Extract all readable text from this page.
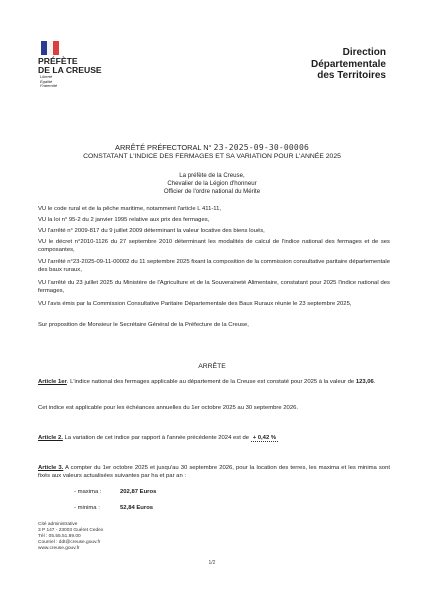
PRÉFÈTE
DE LA CREUSE
Liberté
Égalité
Fraternité
Direction
Départementale
des Territoires
ARRÊTÉ PRÉFECTORAL N° 23-2025-09-30-00006
CONSTATANT L'INDICE DES FERMAGES ET SA VARIATION POUR L'ANNÉE 2025
La préfète de la Creuse,
Chevalier de la Légion d'honneur
Officier de l'ordre national du Mérite
VU le code rural et de la pêche maritime, notamment l'article L 411-11,
VU la loi n° 95-2 du 2 janvier 1995 relative aux prix des fermages,
VU l'arrêté n° 2009-817 du 9 juillet 2009 déterminant la valeur locative des biens loués,
VU le décret n°2010-1126 du 27 septembre 2010 déterminant les modalités de calcul de l'indice national des fermages et de ses composantes,
VU l'arrêté n°23-2025-09-11-00002 du 11 septembre 2025 fixant la composition de la commission consultative paritaire départementale des baux ruraux,
VU l'arrêté du 23 juillet 2025 du Ministère de l'Agriculture et de la Souveraineté Alimentaire, constatant pour 2025 l'indice national des fermages,
VU l'avis émis par la Commission Consultative Paritaire Départementale des Baux Ruraux réunie le 23 septembre 2025,
Sur proposition de Monsieur le Secrétaire Général de la Préfecture de la Creuse,
ARRÊTE
Article 1er. L'indice national des fermages applicable au département de la Creuse est constaté pour 2025 à la valeur de 123,06.
Cet indice est applicable pour les échéances annuelles du 1er octobre 2025 au 30 septembre 2026.
Article 2. La variation de cet indice par rapport à l'année précédente 2024 est de + 0,42 %
Article 3. A compter du 1er octobre 2025 et jusqu'au 30 septembre 2026, pour la location des terres, les maxima et les minima sont fixés aux valeurs actualisées suivantes par ha et par an :
- maxima :	202,87 Euros
- minima :	52,84 Euros
Cité administrative
3 P 147 - 23003 Guéret Cedex
Tél : 05.55.51.89.00
Courriel : ddt@creuse.gouv.fr
www.creuse.gouv.fr
1/2
